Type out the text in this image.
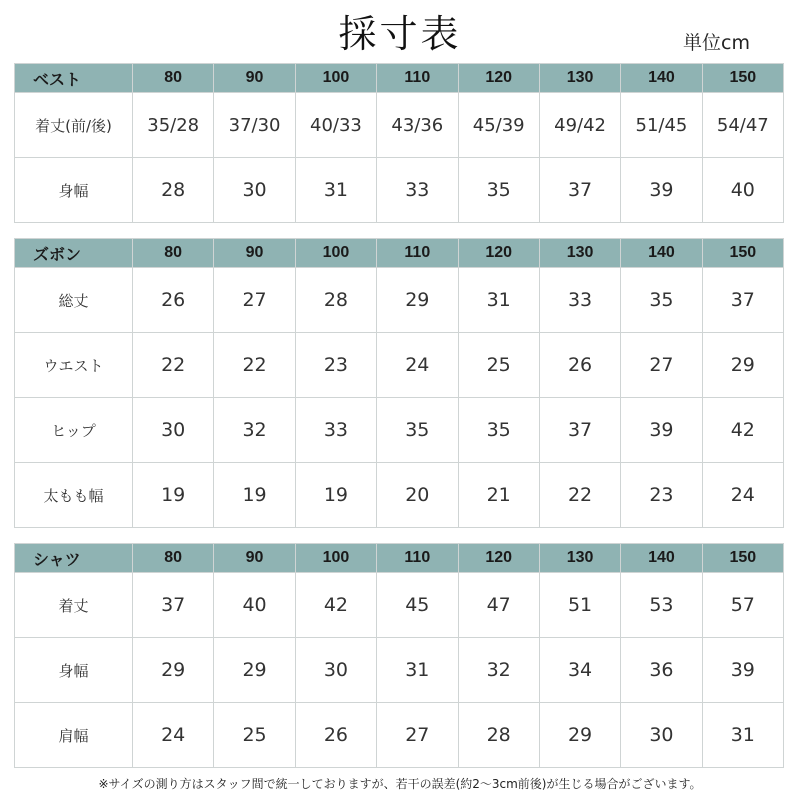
採寸表	単位cm
ベスト	80	90	100	110	120	130	140	150
着丈(前/後)	35/28	37/30	40/33	43/36	45/39	49/42	51/45	54/47
身幅	28	30	31	33	35	37	39	40
ズボン	80	90	100	110	120	130	140	150
総丈	26	27	28	29	31	33	35	37
ウエスト	22	22	23	24	25	26	27	29
ヒップ	30	32	33	35	35	37	39	42
太もも幅	19	19	19	20	21	22	23	24
シャツ	80	90	100	110	120	130	140	150
着丈	37	40	42	45	47	51	53	57
身幅	29	29	30	31	32	34	36	39
肩幅	24	25	26	27	28	29	30	31
※サイズの測り方はスタッフ間で統一しておりますが、若干の誤差(約2～3cm前後)が生じる場合がございます。
